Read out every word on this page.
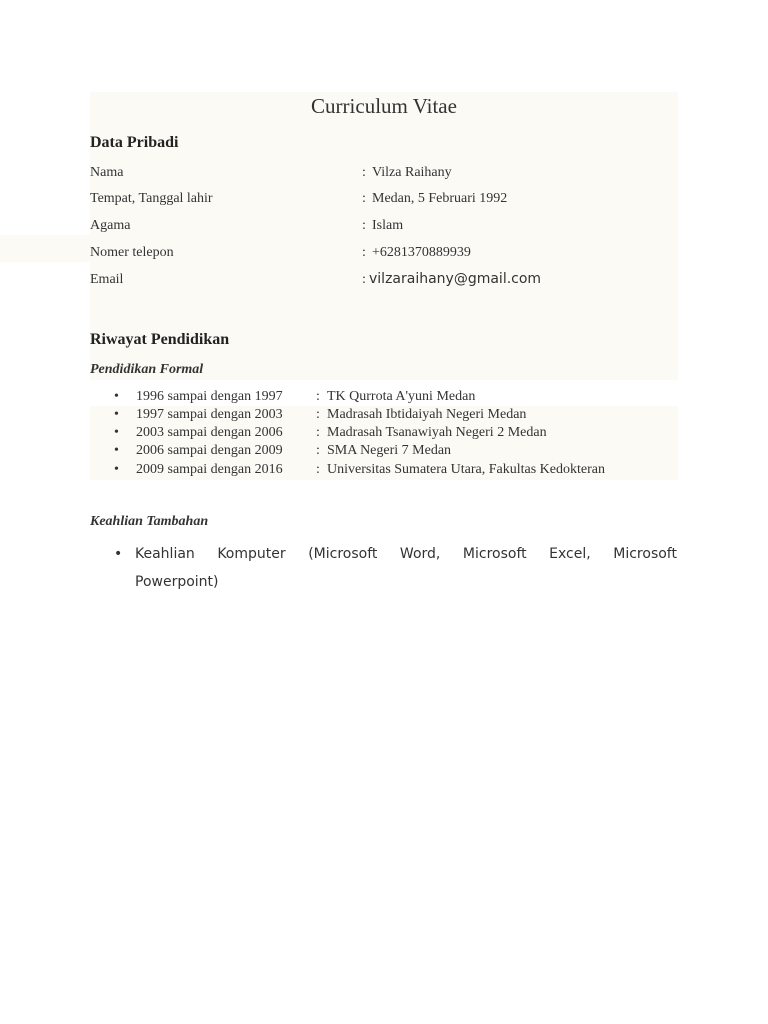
Curriculum Vitae
Data Pribadi
Nama	: Vilza Raihany
Tempat, Tanggal lahir	: Medan, 5 Februari 1992
Agama	: Islam
Nomer telepon	: +6281370889939
Email	: vilzaraihany@gmail.com
Riwayat Pendidikan
Pendidikan Formal
• 1996 sampai dengan 1997 : TK Qurrota A'yuni Medan
• 1997 sampai dengan 2003 : Madrasah Ibtidaiyah Negeri Medan
• 2003 sampai dengan 2006 : Madrasah Tsanawiyah Negeri 2 Medan
• 2006 sampai dengan 2009 : SMA Negeri 7 Medan
• 2009 sampai dengan 2016 : Universitas Sumatera Utara, Fakultas Kedokteran
Keahlian Tambahan
• Keahlian Komputer (Microsoft Word, Microsoft Excel, Microsoft
Powerpoint)
